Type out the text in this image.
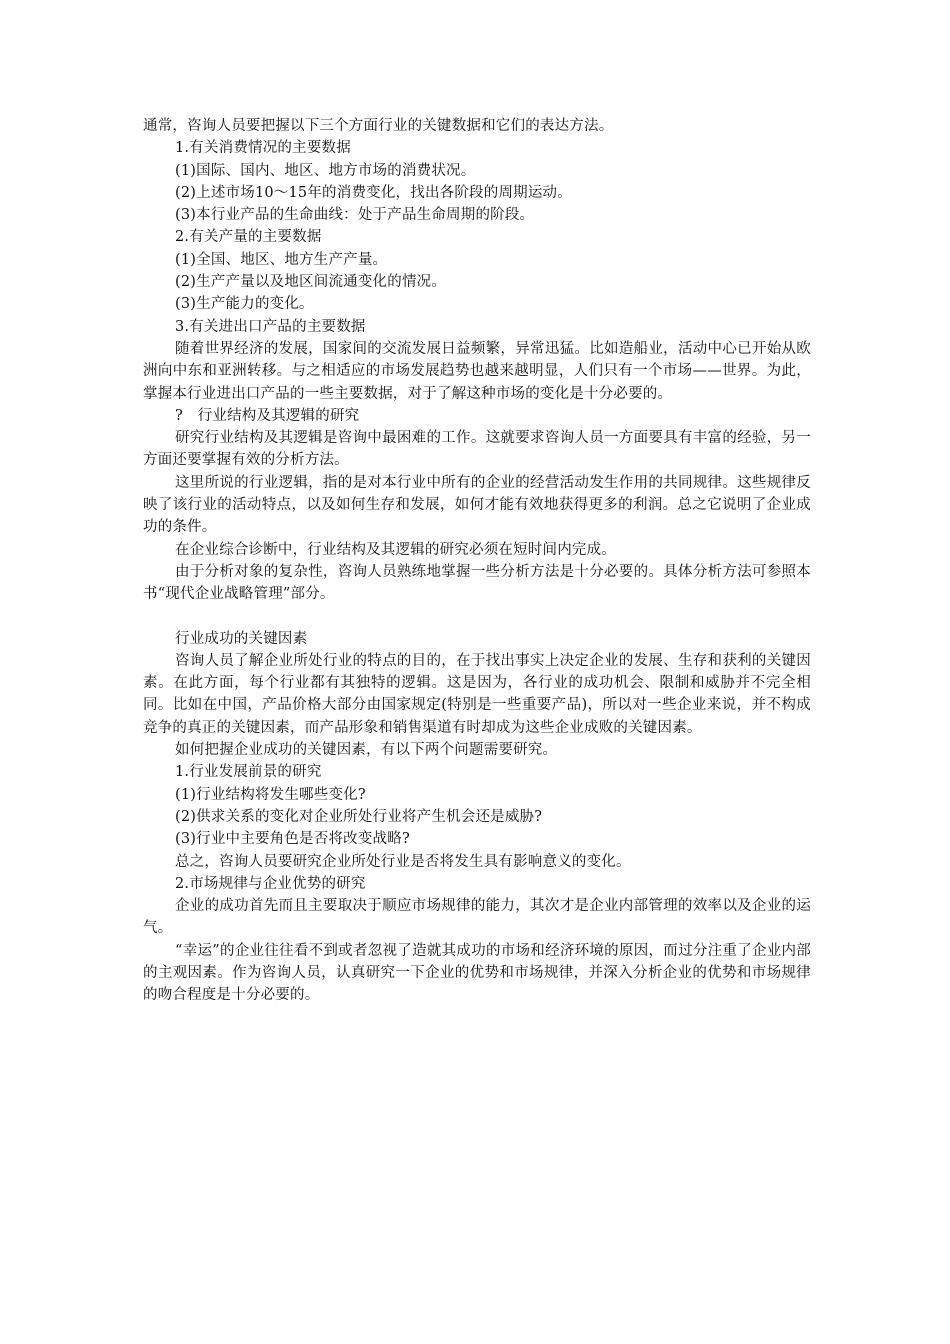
通常，咨询人员要把握以下三个方面行业的关键数据和它们的表达方法。

1.有关消费情况的主要数据

(1)国际、国内、地区、地方市场的消费状况。

(2)上述市场10～15年的消费变化，找出各阶段的周期运动。

(3)本行业产品的生命曲线：处于产品生命周期的阶段。

2.有关产量的主要数据

(1)全国、地区、地方生产产量。

(2)生产产量以及地区间流通变化的情况。

(3)生产能力的变化。

3.有关进出口产品的主要数据

随着世界经济的发展，国家间的交流发展日益频繁，异常迅猛。比如造船业，活动中心已开始从欧洲向中东和亚洲转移。与之相适应的市场发展趋势也越来越明显，人们只有一个市场——世界。为此，掌握本行业进出口产品的一些主要数据，对于了解这种市场的变化是十分必要的。

?　行业结构及其逻辑的研究

研究行业结构及其逻辑是咨询中最困难的工作。这就要求咨询人员一方面要具有丰富的经验，另一方面还要掌握有效的分析方法。

这里所说的行业逻辑，指的是对本行业中所有的企业的经营活动发生作用的共同规律。这些规律反映了该行业的活动特点，以及如何生存和发展，如何才能有效地获得更多的利润。总之它说明了企业成功的条件。

在企业综合诊断中，行业结构及其逻辑的研究必须在短时间内完成。

由于分析对象的复杂性，咨询人员熟练地掌握一些分析方法是十分必要的。具体分析方法可参照本书“现代企业战略管理”部分。

行业成功的关键因素

咨询人员了解企业所处行业的特点的目的，在于找出事实上决定企业的发展、生存和获利的关键因素。在此方面，每个行业都有其独特的逻辑。这是因为，各行业的成功机会、限制和威胁并不完全相同。比如在中国，产品价格大部分由国家规定(特别是一些重要产品)，所以对一些企业来说，并不构成竞争的真正的关键因素，而产品形象和销售渠道有时却成为这些企业成败的关键因素。

如何把握企业成功的关键因素，有以下两个问题需要研究。

1.行业发展前景的研究

(1)行业结构将发生哪些变化?

(2)供求关系的变化对企业所处行业将产生机会还是威胁?

(3)行业中主要角色是否将改变战略?

总之，咨询人员要研究企业所处行业是否将发生具有影响意义的变化。

2.市场规律与企业优势的研究

企业的成功首先而且主要取决于顺应市场规律的能力，其次才是企业内部管理的效率以及企业的运气。

“幸运”的企业往往看不到或者忽视了造就其成功的市场和经济环境的原因，而过分注重了企业内部的主观因素。作为咨询人员，认真研究一下企业的优势和市场规律，并深入分析企业的优势和市场规律的吻合程度是十分必要的。
